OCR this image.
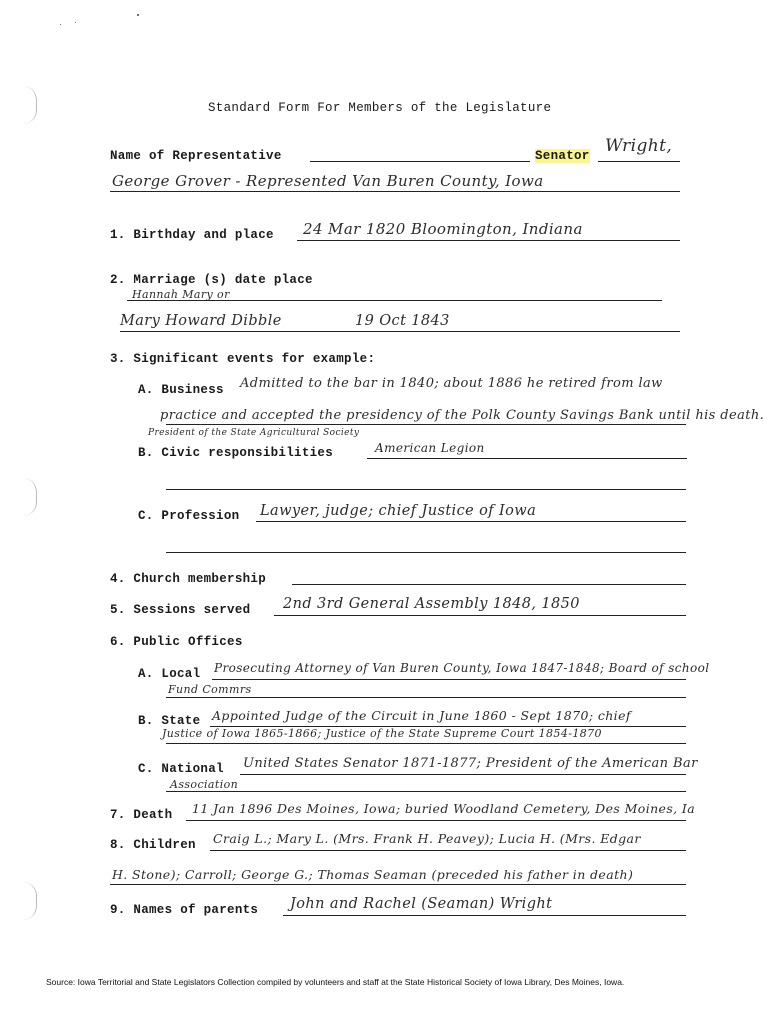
Standard Form For Members of the Legislature
Name of Representative	Senator Wright,
George Grover - Represented Van Buren County, Iowa
1. Birthday and place 24 Mar 1820 Bloomington, Indiana
2. Marriage (s) date place
Hannah Mary or
Mary Howard Dibble	19 Oct 1843
3. Significant events for example:
A. Business Admitted to the bar in 1840; about 1886 he retired from law
practice and accepted the presidency of the Polk County Savings Bank until his death.
President of the State Agricultural Society
B. Civic responsibilities	American Legion
C. Profession Lawyer, judge; chief Justice of Iowa
4. Church membership
5. Sessions served 2nd 3rd General Assembly 1848, 1850
6. Public Offices
A. Local Prosecuting Attorney of Van Buren County, Iowa 1847-1848; Board of school
Fund Commrs
B. State Appointed Judge of the Circuit in June 1860 - Sept 1870; chief
Justice of Iowa 1865-1866; Justice of the State Supreme Court 1854-1870
C. National United States Senator 1871-1877; President of the American Bar
Association
7. Death 11 Jan 1896 Des Moines, Iowa; buried Woodland Cemetery, Des Moines, Ia
8. Children Craig L.; Mary L. (Mrs. Frank H. Peavey); Lucia H. (Mrs. Edgar
H. Stone); Carroll; George G.; Thomas Seaman (preceded his father in death)
9. Names of parents John and Rachel (Seaman) Wright
Source: Iowa Territorial and State Legislators Collection compiled by volunteers and staff at the State Historical Society of Iowa Library, Des Moines, Iowa.
